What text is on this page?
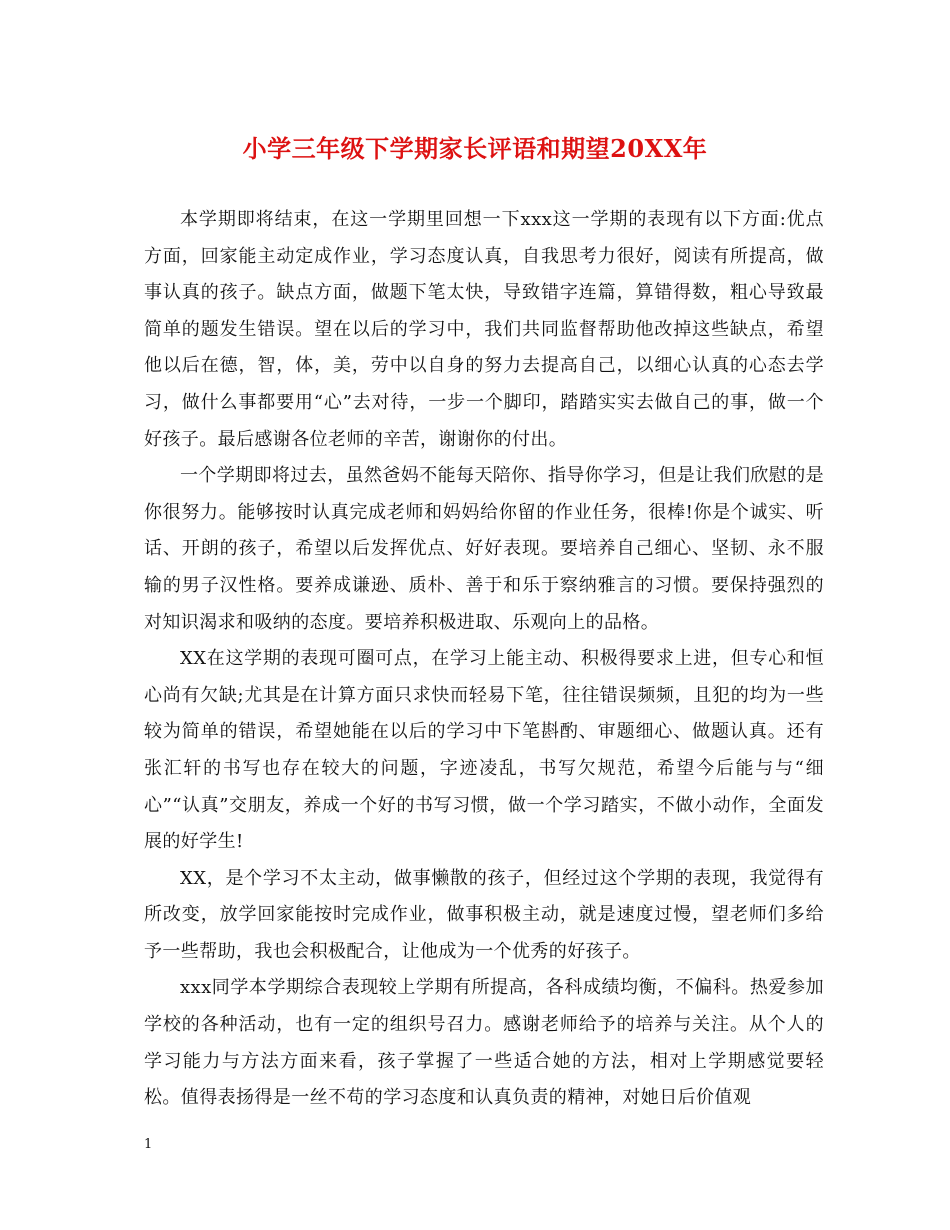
小学三年级下学期家长评语和期望20XX年

本学期即将结束，在这一学期里回想一下xxx这一学期的表现有以下方面:优点方面，回家能主动定成作业，学习态度认真，自我思考力很好，阅读有所提高，做事认真的孩子。缺点方面，做题下笔太快，导致错字连篇，算错得数，粗心导致最简单的题发生错误。望在以后的学习中，我们共同监督帮助他改掉这些缺点，希望他以后在德，智，体，美，劳中以自身的努力去提高自己，以细心认真的心态去学习，做什么事都要用“心”去对待，一步一个脚印，踏踏实实去做自己的事，做一个好孩子。最后感谢各位老师的辛苦，谢谢你的付出。

一个学期即将过去，虽然爸妈不能每天陪你、指导你学习，但是让我们欣慰的是你很努力。能够按时认真完成老师和妈妈给你留的作业任务，很棒!你是个诚实、听话、开朗的孩子，希望以后发挥优点、好好表现。要培养自己细心、坚韧、永不服输的男子汉性格。要养成谦逊、质朴、善于和乐于察纳雅言的习惯。要保持强烈的对知识渴求和吸纳的态度。要培养积极进取、乐观向上的品格。

XX在这学期的表现可圈可点，在学习上能主动、积极得要求上进，但专心和恒心尚有欠缺;尤其是在计算方面只求快而轻易下笔，往往错误频频，且犯的均为一些较为简单的错误，希望她能在以后的学习中下笔斟酌、审题细心、做题认真。还有张汇轩的书写也存在较大的问题，字迹凌乱，书写欠规范，希望今后能与与“细心”“认真”交朋友，养成一个好的书写习惯，做一个学习踏实，不做小动作，全面发展的好学生!

XX，是个学习不太主动，做事懒散的孩子，但经过这个学期的表现，我觉得有所改变，放学回家能按时完成作业，做事积极主动，就是速度过慢，望老师们多给予一些帮助，我也会积极配合，让他成为一个优秀的好孩子。

xxx同学本学期综合表现较上学期有所提高，各科成绩均衡，不偏科。热爱参加学校的各种活动，也有一定的组织号召力。感谢老师给予的培养与关注。从个人的学习能力与方法方面来看，孩子掌握了一些适合她的方法，相对上学期感觉要轻松。值得表扬得是一丝不苟的学习态度和认真负责的精神，对她日后价值观

1
